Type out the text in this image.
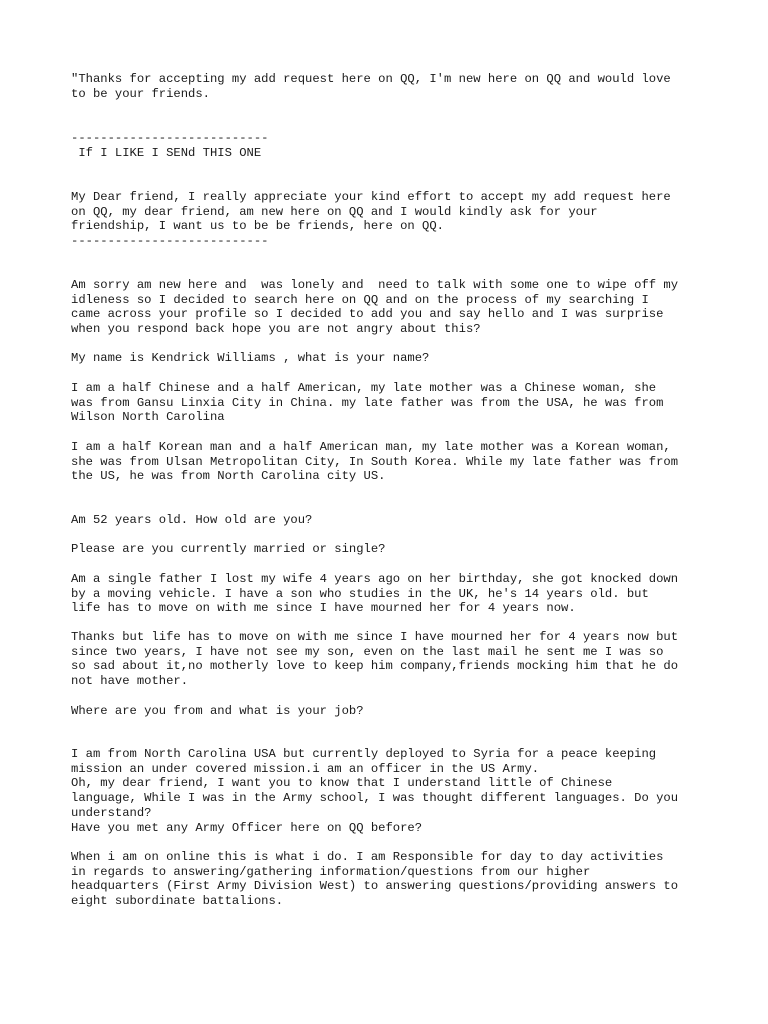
"Thanks for accepting my add request here on QQ, I'm new here on QQ and would love
to be your friends.

---------------------------
If I LIKE I SENd THIS ONE

My Dear friend, I really appreciate your kind effort to accept my add request here
on QQ, my dear friend, am new here on QQ and I would kindly ask for your
friendship, I want us to be be friends, here on QQ.
---------------------------

Am sorry am new here and  was lonely and  need to talk with some one to wipe off my
idleness so I decided to search here on QQ and on the process of my searching I
came across your profile so I decided to add you and say hello and I was surprise
when you respond back hope you are not angry about this?

My name is Kendrick Williams , what is your name?

I am a half Chinese and a half American, my late mother was a Chinese woman, she
was from Gansu Linxia City in China. my late father was from the USA, he was from
Wilson North Carolina

I am a half Korean man and a half American man, my late mother was a Korean woman,
she was from Ulsan Metropolitan City, In South Korea. While my late father was from
the US, he was from North Carolina city US.

Am 52 years old. How old are you?

Please are you currently married or single?

Am a single father I lost my wife 4 years ago on her birthday, she got knocked down
by a moving vehicle. I have a son who studies in the UK, he's 14 years old. but
life has to move on with me since I have mourned her for 4 years now.

Thanks but life has to move on with me since I have mourned her for 4 years now but
since two years, I have not see my son, even on the last mail he sent me I was so
so sad about it,no motherly love to keep him company,friends mocking him that he do
not have mother.

Where are you from and what is your job?

I am from North Carolina USA but currently deployed to Syria for a peace keeping
mission an under covered mission.i am an officer in the US Army.
Oh, my dear friend, I want you to know that I understand little of Chinese
language, While I was in the Army school, I was thought different languages. Do you
understand?
Have you met any Army Officer here on QQ before?

When i am on online this is what i do. I am Responsible for day to day activities
in regards to answering/gathering information/questions from our higher
headquarters (First Army Division West) to answering questions/providing answers to
eight subordinate battalions.
